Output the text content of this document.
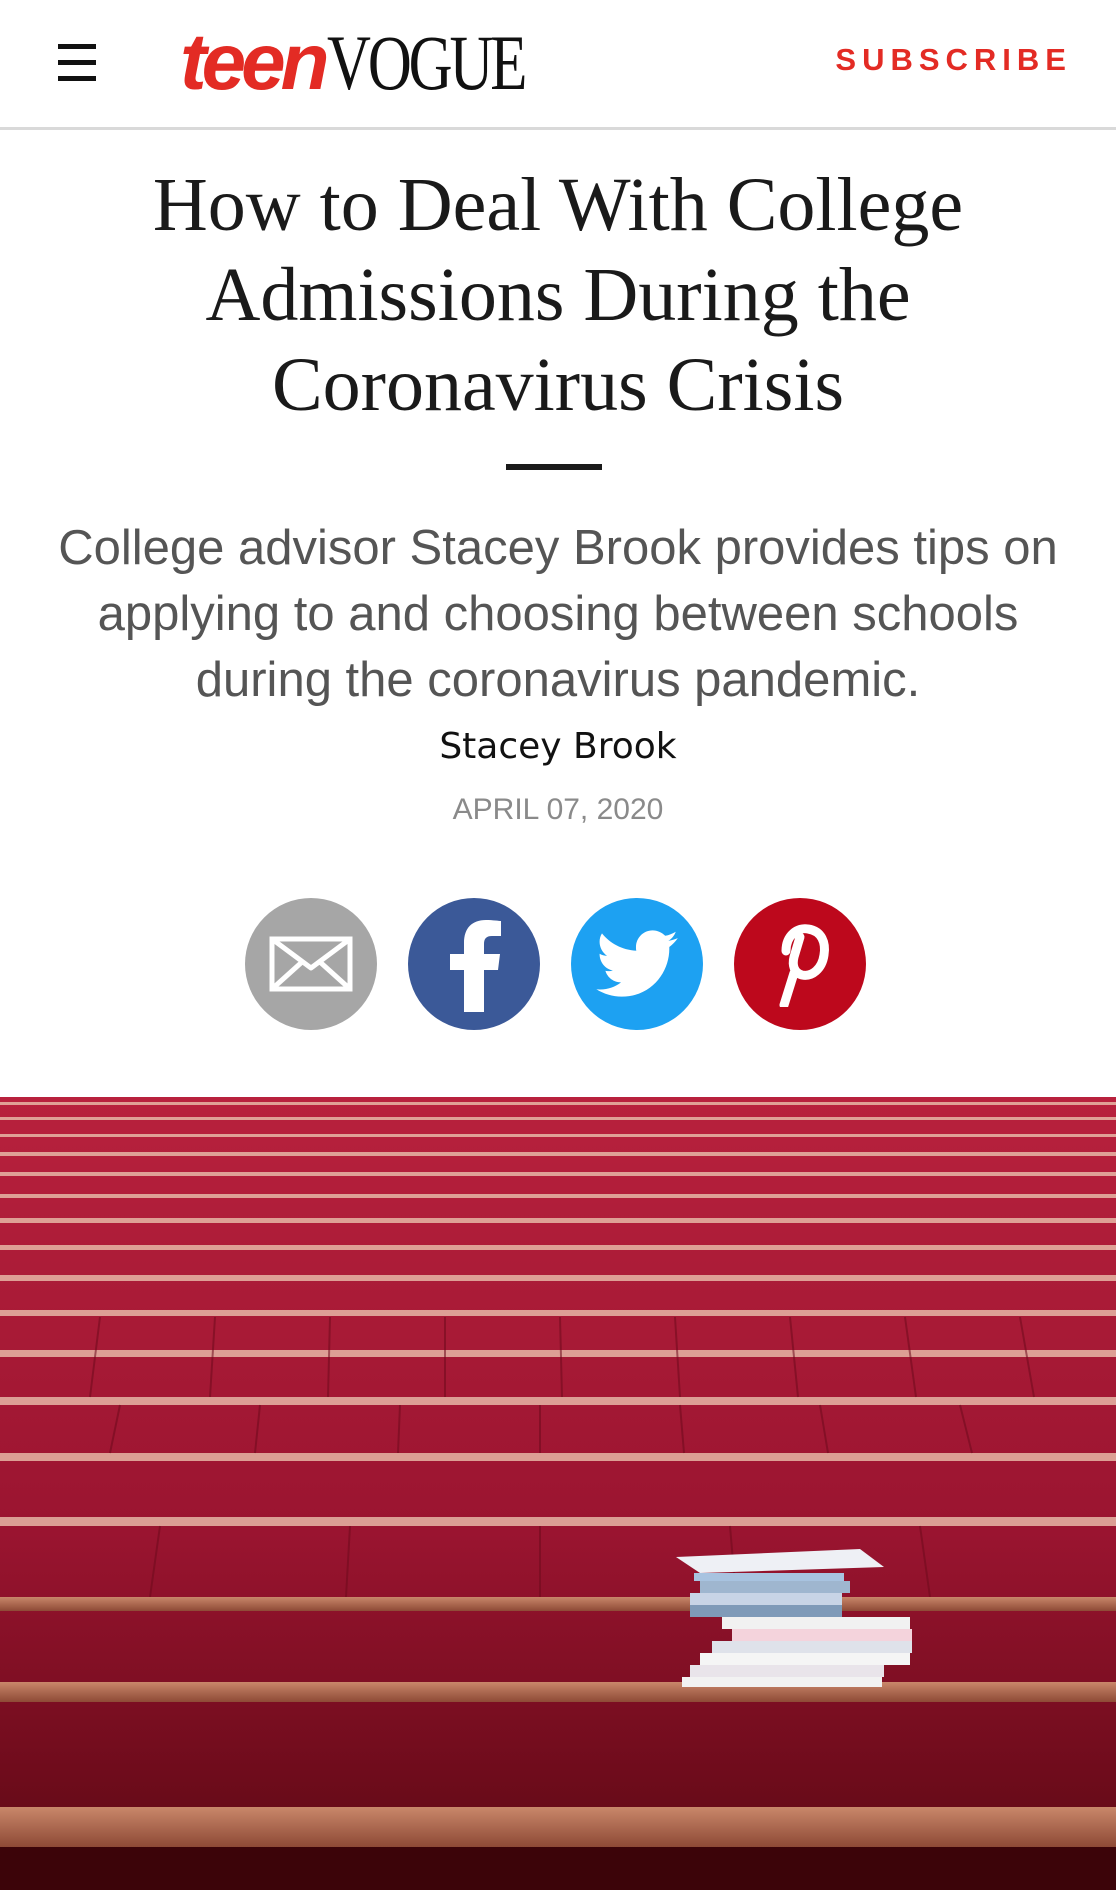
teen VOGUE	SUBSCRIBE
How to Deal With College Admissions During the Coronavirus Crisis

College advisor Stacey Brook provides tips on applying to and choosing between schools during the coronavirus pandemic.

Stacey Brook
APRIL 07, 2020
